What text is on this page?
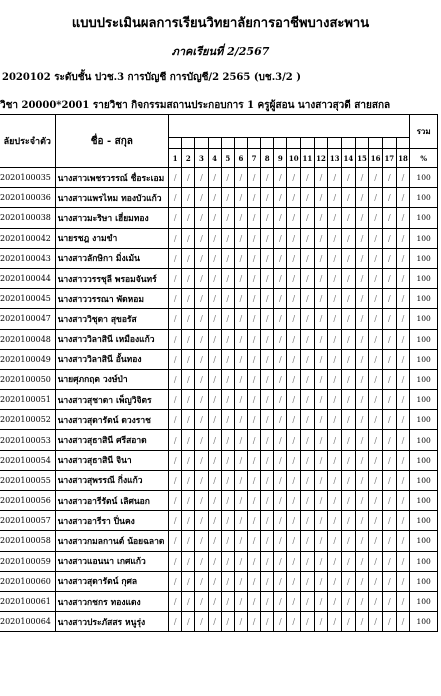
แบบประเมินผลการเรียนวิทยาลัยการอาชีพบางสะพาน
ภาคเรียนที่ 2/2567
2020102 ระดับชั้น ปวช.3 การบัญชี การบัญชี/2 2565 (บช.3/2 )
วิชา 20000*2001 รายวิชา กิจกรรมสถานประกอบการ 1 ครูผู้สอน นางสาวสุวดี สายสกล
ลัยประจำตัว	ชื่อ - สกุล																			รวม

		1	2	3	4	5	6	7	8	9	10	11	12	13	14	15	16	17	18	%
2020100035	นางสาวเพชรวรรณ์ ชื่อระเอม	/	/	/	/	/	/	/	/	/	/	/	/	/	/	/	/	/	/	100
2020100036	นางสาวแพรไหม ทองบัวแก้ว	/	/	/	/	/	/	/	/	/	/	/	/	/	/	/	/	/	/	100
2020100038	นางสาวมะริษา เฮี่ยมทอง	/	/	/	/	/	/	/	/	/	/	/	/	/	/	/	/	/	/	100
2020100042	นายรชฎ งามขำ	/	/	/	/	/	/	/	/	/	/	/	/	/	/	/	/	/	/	100
2020100043	นางสาวลักษิกา มิ่งเม้น	/	/	/	/	/	/	/	/	/	/	/	/	/	/	/	/	/	/	100
2020100044	นางสาววรรชุลี พรอมจันทร์	/	/	/	/	/	/	/	/	/	/	/	/	/	/	/	/	/	/	100
2020100045	นางสาววรรณา พัดหอม	/	/	/	/	/	/	/	/	/	/	/	/	/	/	/	/	/	/	100
2020100047	นางสาววิชุดา สุขอรัส	/	/	/	/	/	/	/	/	/	/	/	/	/	/	/	/	/	/	100
2020100048	นางสาววิลาสินี เหมืองแก้ว	/	/	/	/	/	/	/	/	/	/	/	/	/	/	/	/	/	/	100
2020100049	นางสาววิลาสินี อั้นทอง	/	/	/	/	/	/	/	/	/	/	/	/	/	/	/	/	/	/	100
2020100050	นายศุภกฤต วงษ์ป่า	/	/	/	/	/	/	/	/	/	/	/	/	/	/	/	/	/	/	100
2020100051	นางสาวสุชาดา เพ็ญวิจิตร	/	/	/	/	/	/	/	/	/	/	/	/	/	/	/	/	/	/	100
2020100052	นางสาวสุดารัตน์ ดวงราช	/	/	/	/	/	/	/	/	/	/	/	/	/	/	/	/	/	/	100
2020100053	นางสาวสุธาสินี ศรีสอาด	/	/	/	/	/	/	/	/	/	/	/	/	/	/	/	/	/	/	100
2020100054	นางสาวสุธาสินี จินา	/	/	/	/	/	/	/	/	/	/	/	/	/	/	/	/	/	/	100
2020100055	นางสาวสุพรรณี กิ่งแก้ว	/	/	/	/	/	/	/	/	/	/	/	/	/	/	/	/	/	/	100
2020100056	นางสาวอารีรัตน์ เลิศนอก	/	/	/	/	/	/	/	/	/	/	/	/	/	/	/	/	/	/	100
2020100057	นางสาวอารีรา ปิ่นคง	/	/	/	/	/	/	/	/	/	/	/	/	/	/	/	/	/	/	100
2020100058	นางสาวกมลกานต์ น้อยฉลาด	/	/	/	/	/	/	/	/	/	/	/	/	/	/	/	/	/	/	100
2020100059	นางสาวแอนนา เกศแก้ว	/	/	/	/	/	/	/	/	/	/	/	/	/	/	/	/	/	/	100
2020100060	นางสาวสุดารัตน์ กุศล	/	/	/	/	/	/	/	/	/	/	/	/	/	/	/	/	/	/	100
2020100061	นางสาวกชกร ทองแดง	/	/	/	/	/	/	/	/	/	/	/	/	/	/	/	/	/	/	100
2020100064	นางสาวประภัสสร หนูรุ่ง	/	/	/	/	/	/	/	/	/	/	/	/	/	/	/	/	/	/	100
